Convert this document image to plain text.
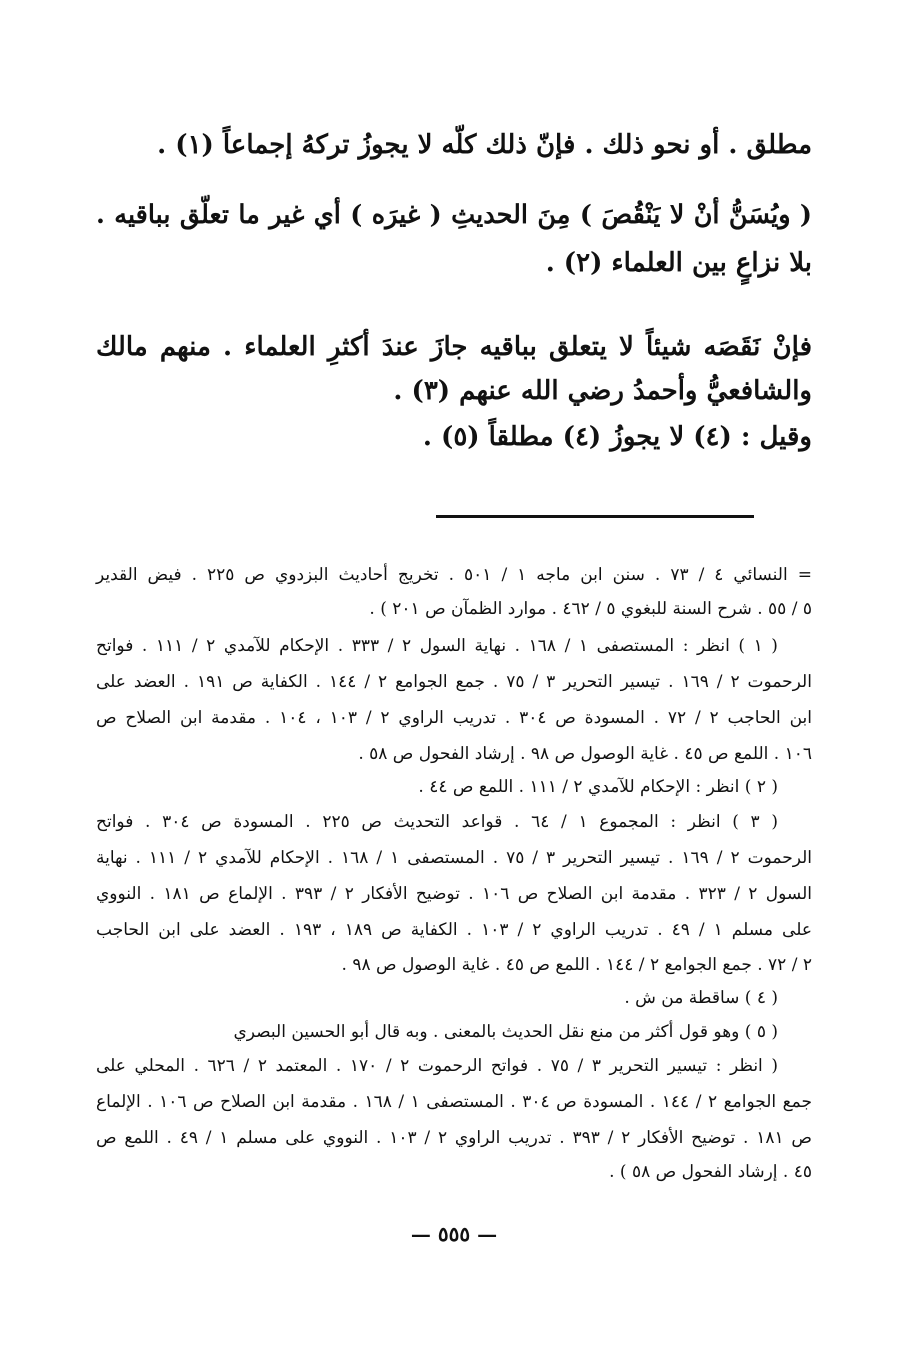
مطلق . أو نحو ذلك . فإنّ ذلك كلّه لا يجوزُ تركهُ إجماعاً (١) .
( ويُسَنُّ أنْ لا يَنْقُصَ ) مِنَ الحديثِ ( غيرَه ) أي غير ما تعلّق بباقيه .
بلا نزاعٍ بين العلماء (٢) .
فإنْ نَقَصَه شيئاً لا يتعلق بباقيه جازَ عندَ أكثرِ العلماء . منهم مالك
والشافعيُّ وأحمدُ رضي الله عنهم (٣) .
وقيل : (٤) لا يجوزُ (٤) مطلقاً (٥) .
= النسائي ٤ / ٧٣ . سنن ابن ماجه ١ / ٥٠١ . تخريج أحاديث البزدوي ص ٢٢٥ . فيض القدير
٥ / ٥٥ . شرح السنة للبغوي ٥ / ٤٦٢ . موارد الظمآن ص ٢٠١ ) .
( ١ ) انظر : المستصفى ١ / ١٦٨ . نهاية السول ٢ / ٣٣٣ . الإحكام للآمدي ٢ / ١١١ . فواتح
الرحموت ٢ / ١٦٩ . تيسير التحرير ٣ / ٧٥ . جمع الجوامع ٢ / ١٤٤ . الكفاية ص ١٩١ . العضد على
ابن الحاجب ٢ / ٧٢ . المسودة ص ٣٠٤ . تدريب الراوي ٢ / ١٠٣ ، ١٠٤ . مقدمة ابن الصلاح ص
١٠٦ . اللمع ص ٤٥ . غاية الوصول ص ٩٨ . إرشاد الفحول ص ٥٨ .
( ٢ ) انظر : الإحكام للآمدي ٢ / ١١١ . اللمع ص ٤٤ .
( ٣ ) انظر : المجموع ١ / ٦٤ . قواعد التحديث ص ٢٢٥ . المسودة ص ٣٠٤ . فواتح
الرحموت ٢ / ١٦٩ . تيسير التحرير ٣ / ٧٥ . المستصفى ١ / ١٦٨ . الإحكام للآمدي ٢ / ١١١ . نهاية
السول ٢ / ٣٢٣ . مقدمة ابن الصلاح ص ١٠٦ . توضيح الأفكار ٢ / ٣٩٣ . الإلماع ص ١٨١ . النووي
على مسلم ١ / ٤٩ . تدريب الراوي ٢ / ١٠٣ . الكفاية ص ١٨٩ ، ١٩٣ . العضد على ابن الحاجب
٢ / ٧٢ . جمع الجوامع ٢ / ١٤٤ . اللمع ص ٤٥ . غاية الوصول ص ٩٨ .
( ٤ ) ساقطة من ش .
( ٥ ) وهو قول أكثر من منع نقل الحديث بالمعنى . وبه قال أبو الحسين البصري
( انظر : تيسير التحرير ٣ / ٧٥ . فواتح الرحموت ٢ / ١٧٠ . المعتمد ٢ / ٦٢٦ . المحلي على
جمع الجوامع ٢ / ١٤٤ . المسودة ص ٣٠٤ . المستصفى ١ / ١٦٨ . مقدمة ابن الصلاح ص ١٠٦ . الإلماع
ص ١٨١ . توضيح الأفكار ٢ / ٣٩٣ . تدريب الراوي ٢ / ١٠٣ . النووي على مسلم ١ / ٤٩ . اللمع ص
٤٥ . إرشاد الفحول ص ٥٨ ) .
— ٥٥٥ —
